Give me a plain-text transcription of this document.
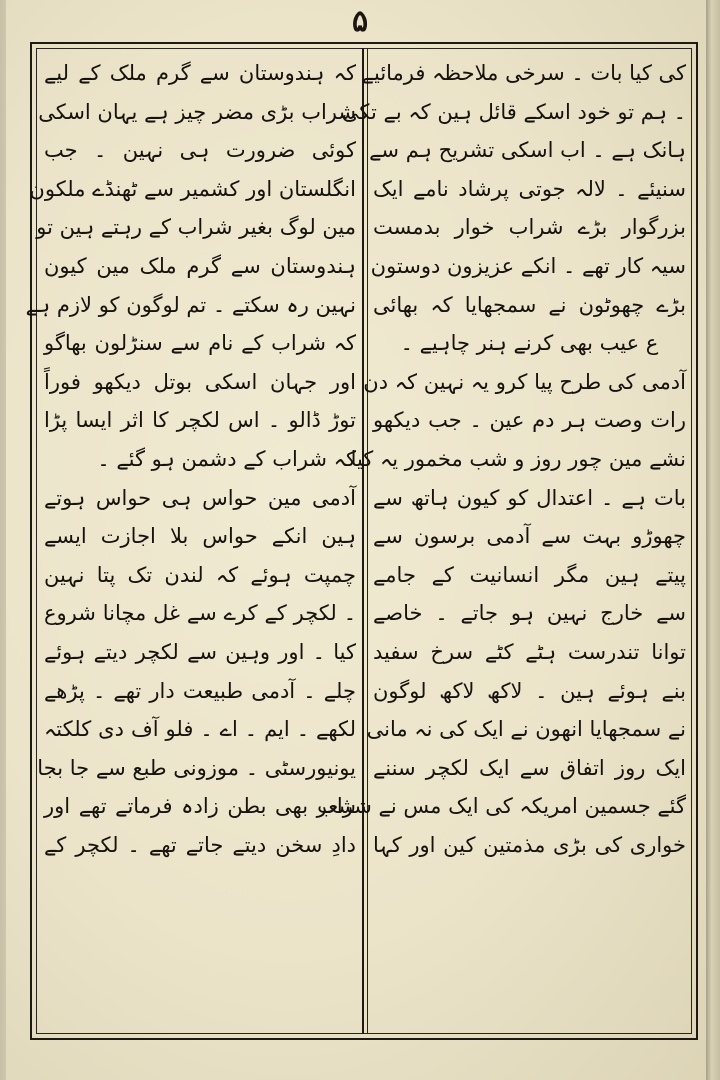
۵
کی کیا بات ۔ سرخی ملاحظہ فرمائیے
۔ ہم تو خود اسکے قائل ہین کہ بے تکی
ہانک ہے ۔ اب اسکی تشریح ہم سے
سنیئے ۔ لالہ جوتی پرشاد نامے ایک
بزرگوار بڑے شراب خوار بدمست
سیہ کار تھے ۔ انکے عزیزون دوستون
بڑے چھوٹون نے سمجھایا کہ بھائی
ع عیب بھی کرنے ہنر چاہیے ۔
آدمی کی طرح پیا کرو یہ نہین کہ دن
رات وصت ہر دم عین ۔ جب دیکھو
نشے مین چور روز و شب مخمور یہ کیا
بات ہے ۔ اعتدال کو کیون ہاتھ سے
چھوڑو بہت سے آدمی برسون سے
پیتے ہین مگر انسانیت کے جامے
سے خارج نہین ہو جاتے ۔ خاصے
توانا تندرست ہٹے کٹے سرخ سفید
بنے ہوئے ہین ۔ لاکھ لاکھ لوگون
نے سمجھایا انھون نے ایک کی نہ مانی
ایک روز اتفاق سے ایک لکچر سننے
گئے جسمین امریکہ کی ایک مس نے شراب
خواری کی بڑی مذمتین کین اور کہا
کہ ہندوستان سے گرم ملک کے لیے
شراب بڑی مضر چیز ہے یہان اسکی
کوئی ضرورت ہی نہین ۔ جب
انگلستان اور کشمیر سے ٹھنڈے ملکون
مین لوگ بغیر شراب کے رہتے ہین تو
ہندوستان سے گرم ملک مین کیون
نہین رہ سکتے ۔ تم لوگون کو لازم ہے
کہ شراب کے نام سے سنڑلون بھاگو
اور جہان اسکی بوتل دیکھو فوراً
توڑ ڈالو ۔ اس لکچر کا اثر ایسا پڑا
کہ شراب کے دشمن ہو گئے ۔
آدمی مین حواس ہی حواس ہوتے
ہین انکے حواس بلا اجازت ایسے
چمپت ہوئے کہ لندن تک پتا نہین
۔ لکچر کے کرے سے غل مچانا شروع
کیا ۔ اور وہین سے لکچر دیتے ہوئے
چلے ۔ آدمی طبیعت دار تھے ۔ پڑھے
لکھے ۔ ایم ۔ اے ۔ فلو آف دی کلکتہ
یونیورسٹی ۔ موزونی طبع سے جا بجا
شعر بھی بطن زادہ فرماتے تھے اور
دادِ سخن دیتے جاتے تھے ۔ لکچر کے
